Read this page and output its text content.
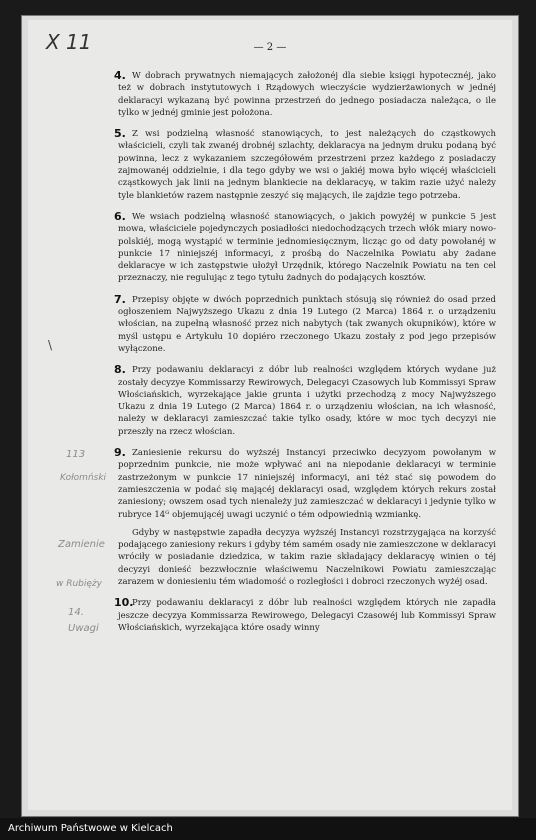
X 11	— 2 —
\
113
Kołomński
Zamienie
w Rubięży
14.
Uwagi
4. W dobrach prywatnych niemających założonéj dla siebie księgi hypotecznéj, jako też w dobrach instytutowych i Rządowych wieczyście wydzierżawionych w jednéj deklaracyi wykazaną być powinna przestrzeń do jednego posiadacza należąca, o ile tylko w jednéj gminie jest położona.
5. Z wsi podzielną własność stanowiących, to jest należących do cząstkowych właścicieli, czyli tak zwanéj drobnéj szlachty, deklaracya na jednym druku podaną być powinna, lecz z wykazaniem szczegółowém przestrzeni przez każdego z posiadaczy zajmowanéj oddzielnie, i dla tego gdyby we wsi o jakiéj mowa było więcéj właścicieli cząstkowych jak linii na jednym blankiecie na deklaracyę, w takim razie użyć należy tyle blankietów razem następnie zeszyć się mających, ile zajdzie tego potrzeba.
6. We wsiach podzielną własność stanowiących, o jakich powyżéj w punkcie 5 jest mowa, właściciele pojedynczych posiadłości niedochodzących trzech włók miary nowo-polskiéj, mogą wystąpić w terminie jednomiesięcznym, licząc go od daty powołanéj w punkcie 17 niniejszéj informacyi, z prośbą do Naczelnika Powiatu aby żadane deklaracye w ich zastępstwie ułożył Urzędnik, którego Naczelnik Powiatu na ten cel przeznaczy, nie regulując z tego tytułu żadnych do podających kosztów.
7. Przepisy objęte w dwóch poprzednich punktach stósują się również do osad przed ogłoszeniem Najwyższego Ukazu z dnia 19 Lutego (2 Marca) 1864 r. o urządzeniu włościan, na zupełną własność przez nich nabytych (tak zwanych okupników), które w myśl ustępu e Artykułu 10 dopiéro rzeczonego Ukazu zostały z pod jego przepisów wyłączone.
8. Przy podawaniu deklaracyi z dóbr lub realności względem których wydane już zostały decyzye Kommissarzy Rewirowych, Delegacyi Czasowych lub Kommissyi Spraw Włościańskich, wyrzekające jakie grunta i użytki przechodzą z mocy Najwyższego Ukazu z dnia 19 Lutego (2 Marca) 1864 r. o urządzeniu włościan, na ich własność, należy w deklaracyi zamieszczać takie tylko osady, które w moc tych decyzyi nie przeszły na rzecz włościan.
9. Zaniesienie rekursu do wyższéj Instancyi przeciwko decyzyom powołanym w poprzednim punkcie, nie może wpływać ani na niepodanie deklaracyi w terminie zastrzeżonym w punkcie 17 niniejszéj informacyi, ani téż stać się powodem do zamieszczenia w podać się mającéj deklaracyi osad, względem których rekurs został zaniesiony; owszem osad tych nienależy już zamieszczać w deklaracyi i jedynie tylko w rubryce 14ᴳ objemującéj uwagi uczynić o tém odpowiednią wzmiankę.
Gdyby w następstwie zapadła decyzya wyższéj Instancyi rozstrzygająca na korzyść podającego zaniesiony rekurs i gdyby tém samém osady nie zamieszczone w deklaracyi wróciły w posiadanie dziedzica, w takim razie składający deklaracyę winien o téj decyzyi donieść bezzwłocznie właściwemu Naczelnikowi Powiatu zamieszczając zarazem w doniesieniu tém wiadomość o rozległości i dobroci rzeczonych wyżéj osad.
10.
Przy podawaniu deklaracyi z dóbr lub realności względem których nie zapadła jeszcze decyzya Kommissarza Rewirowego, Delegacyi Czasowéj lub Kommissyi Spraw Włościańskich, wyrzekająca które osady winny
Archiwum Państwowe w Kielcach
